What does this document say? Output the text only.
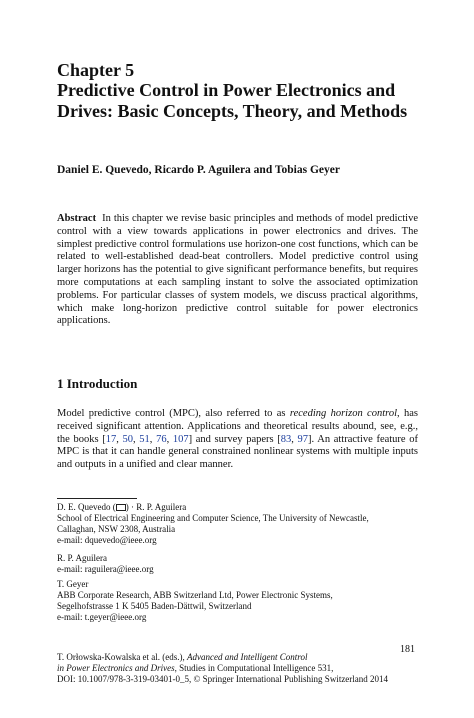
Chapter 5
Predictive Control in Power Electronics and Drives: Basic Concepts, Theory, and Methods
Daniel E. Quevedo, Ricardo P. Aguilera and Tobias Geyer
Abstract In this chapter we revise basic principles and methods of model predictive control with a view towards applications in power electronics and drives. The simplest predictive control formulations use horizon-one cost functions, which can be related to well-established dead-beat controllers. Model predictive control using larger horizons has the potential to give significant performance benefits, but requires more computations at each sampling instant to solve the associated optimization problems. For particular classes of system models, we discuss practical algorithms, which make long-horizon predictive control suitable for power electronics applications.
1 Introduction
Model predictive control (MPC), also referred to as receding horizon control, has received significant attention. Applications and theoretical results abound, see, e.g., the books [17, 50, 51, 76, 107] and survey papers [83, 97]. An attractive feature of MPC is that it can handle general constrained nonlinear systems with multiple inputs and outputs in a unified and clear manner.
D. E. Quevedo ( ) · R. P. Aguilera
School of Electrical Engineering and Computer Science, The University of Newcastle,
Callaghan, NSW 2308, Australia
e-mail: dquevedo@ieee.org
R. P. Aguilera
e-mail: raguilera@ieee.org
T. Geyer
ABB Corporate Research, ABB Switzerland Ltd, Power Electronic Systems,
Segelhofstrasse 1 K 5405 Baden-Dättwil, Switzerland
e-mail: t.geyer@ieee.org
181
T. Orłowska-Kowalska et al. (eds.), Advanced and Intelligent Control
in Power Electronics and Drives, Studies in Computational Intelligence 531,
DOI: 10.1007/978-3-319-03401-0_5, © Springer International Publishing Switzerland 2014
